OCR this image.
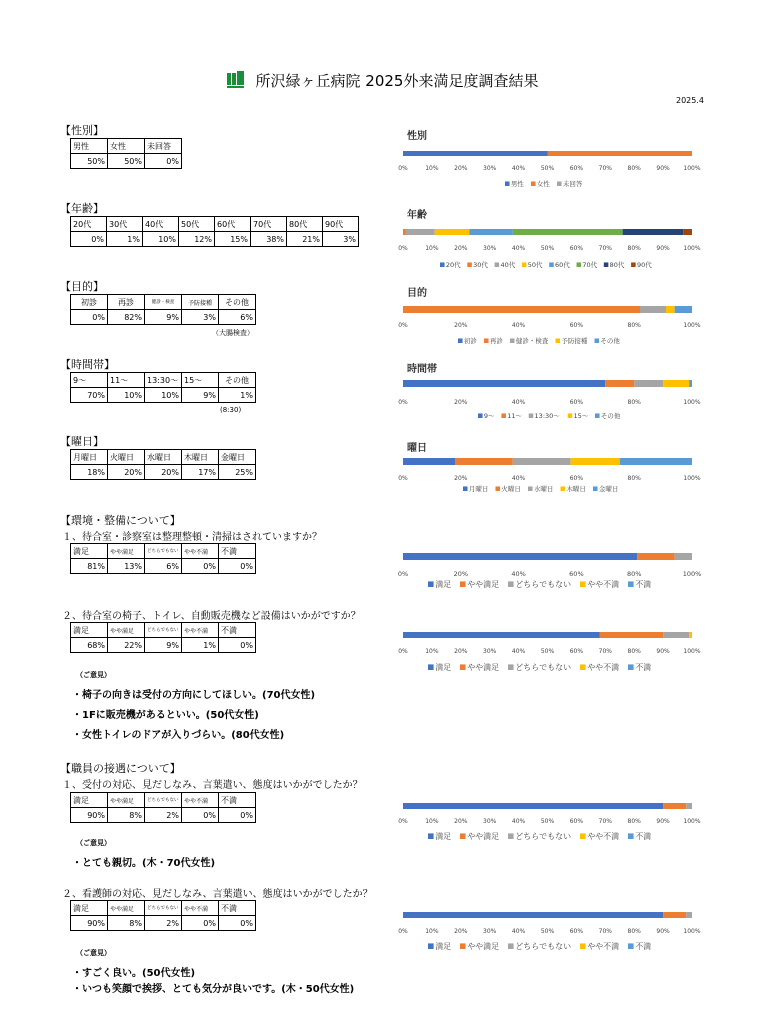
所沢緑ヶ丘病院 2025外来満足度調査結果
2025.4
【性別】
男性	女性	未回答
50%	50%	0%
【年齢】
20代	30代	40代	50代	60代	70代	80代	90代
0%	1%	10%	12%	15%	38%	21%	3%
【目的】
初診	再診	健診・検査	予防接種	その他
0%	82%	9%	3%	6%
（大腸検査）
【時間帯】
9～	11～	13:30～	15～	その他
70%	10%	10%	9%	1%
(8:30)
【曜日】
月曜日	火曜日	水曜日	木曜日	金曜日
18%	20%	20%	17%	25%
【環境・整備について】
１、待合室・診察室は整理整頓・清掃はされていますか？
満足	やや満足	どちらでもない	やや不満	不満
81%	13%	6%	0%	0%
２、待合室の椅子、トイレ、自動販売機など設備はいかがですか？
満足	やや満足	どちらでもない	やや不満	不満
68%	22%	9%	1%	0%
（ご意見）
・椅子の向きは受付の方向にしてほしい。(70代女性)
・1Fに販売機があるといい。(50代女性)
・女性トイレのドアが入りづらい。(80代女性)
【職員の接遇について】
１、受付の対応、見だしなみ、言葉遣い、態度はいかがでしたか？
満足	やや満足	どちらでもない	やや不満	不満
90%	8%	2%	0%	0%
（ご意見）
・とても親切。(木・70代女性)
２、看護師の対応、見だしなみ、言葉遣い、態度はいかがでしたか？
満足	やや満足	どちらでもない	やや不満	不満
90%	8%	2%	0%	0%
（ご意見）
・すごく良い。(50代女性)
・いつも笑顔で挨拶、とても気分が良いです。(木・50代女性)
性別
0%	10%	20%	30%	40%	50%	60%	70%	80%	90% 100%
男性 女性 未回答
年齢
0%	10%	20%	30%	40%	50%	60%	70%	80%	90% 100%
20代 30代 40代 50代 60代 70代 80代 90代
目的
0%	20%	40%	60%	80%	100%
初診 再診 健診・検査 予防接種 その他
時間帯
0%	20%	40%	60%	80%	100%
9～ 11～ 13:30～ 15～ その他
曜日
0%	20%	40%	60%	80%	100%
月曜日 火曜日 水曜日 木曜日 金曜日
0%	20%	40%	60%	80%	100%
満足 やや満足 どちらでもない やや不満 不満
0%	10%	20%	30%	40%	50%	60%	70%	80%	90% 100%
満足 やや満足 どちらでもない やや不満 不満
0%	10%	20%	30%	40%	50%	60%	70%	80%	90% 100%
満足 やや満足 どちらでもない やや不満 不満
0%	10%	20%	30%	40%	50%	60%	70%	80%	90% 100%
満足 やや満足 どちらでもない やや不満 不満
